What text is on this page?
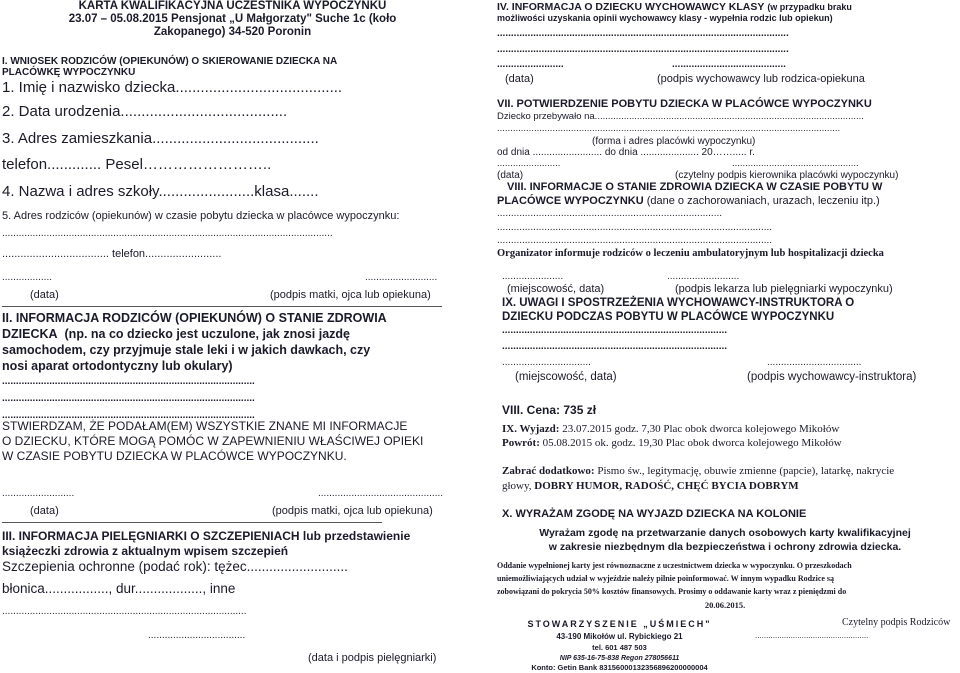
KARTA KWALIFIKACYJNA UCZESTNIKA WYPOCZYNKU
23.07 – 05.08.2015 Pensjonat „U Małgorzaty" Suche 1c (koło
Zakopanego) 34-520 Poronin
I. WNIOSEK RODZICÓW (OPIEKUNÓW) O SKIEROWANIE DZIECKA NA
PLACÓWKĘ WYPOCZYNKU
1. Imię i nazwisko dziecka........................................
2. Data urodzenia........................................
3. Adres zamieszkania........................................
telefon............. Pesel……………………..
4. Nazwa i adres szkoły.......................klasa.......
5. Adres rodziców (opiekunów) w czasie pobytu dziecka w placówce wypoczynku:
.......................................................................................................................
................................... telefon.........................
..................	..........................
(data)	(podpis matki, ojca lub opiekuna)
II. INFORMACJA RODZICÓW (OPIEKUNÓW) O STANIE ZDROWIA
DZIECKA (np. na co dziecko jest uczulone, jak znosi jazdę
samochodem, czy przyjmuje stale leki i w jakich dawkach, czy
nosi aparat ortodontyczny lub okulary)
...........................................................................................
...........................................................................................
...........................................................................................
STWIERDZAM, ŻE PODAŁAM(EM) WSZYSTKIE ZNANE MI INFORMACJE
O DZIECKU, KTÓRE MOGĄ POMÓC W ZAPEWNIENIU WŁAŚCIWEJ OPIEKI
W CZASIE POBYTU DZIECKA W PLACÓWCE WYPOCZYNKU.
..........................	.............................................
(data)	(podpis matki, ojca lub opiekuna)
III. INFORMACJA PIELĘGNIARKI O SZCZEPIENIACH lub przedstawienie
książeczki zdrowia z aktualnym wpisem szczepień
Szczepienia ochronne (podać rok): tężec...........................
błonica................., dur.................., inne
........................................................................................
...................................
(data i podpis pielęgniarki)
IV. INFORMACJA O DZIECKU WYCHOWAWCY KLASY (w przypadku braku
możliwości uzyskania opinii wychowawcy klasy - wypełnia rodzic lub opiekun)
.........................................................................................................
.........................................................................................................
........................	.........................................
(data)	(podpis wychowawcy lub rodzica-opiekuna
VII. POTWIERDZENIE POBYTU DZIECKA W PLACÓWCE WYPOCZYNKU
Dziecko przebywało na......................................................................................................
..................................................................................................................................
(forma i adres placówki wypoczynku)
od dnia ......................... do dnia ..................... 20……..... r.
........................	................................................
(data)	(czytelny podpis kierownika placówki wypoczynku)
VIII. INFORMACJE O STANIE ZDROWIA DZIECKA W CZASIE POBYTU W
PLACÓWCE WYPOCZYNKU (dane o zachorowaniach, urazach, leczeniu itp.)
.................................................................................
...................................................................................................
...................................................................................................
Organizator informuje rodziców o leczeniu ambulatoryjnym lub hospitalizacji dziecka
......................	..........................
(miejscowość, data)	(podpis lekarza lub pielęgniarki wypoczynku)
IX. UWAGI I SPOSTRZEŻENIA WYCHOWAWCY-INSTRUKTORA O
DZIECKU PODCZAS POBYTU W PLACÓWCE WYPOCZYNKU
.................................................................................
.................................................................................
................................	..................................
(miejscowość, data)	(podpis wychowawcy-instruktora)
VIII. Cena: 735 zł
IX. Wyjazd: 23.07.2015 godz. 7,30 Plac obok dworca kolejowego Mikołów
Powrót: 05.08.2015 ok. godz. 19,30 Plac obok dworca kolejowego Mikołów
Zabrać dodatkowo: Pismo św., legitymację, obuwie zmienne (papcie), latarkę, nakrycie
głowy, DOBRY HUMOR, RADOŚĆ, CHĘĆ BYCIA DOBRYM
X. WYRAŻAM ZGODĘ NA WYJAZD DZIECKA NA KOLONIE
Wyrażam zgodę na przetwarzanie danych osobowych karty kwalifikacyjnej
w zakresie niezbędnym dla bezpieczeństwa i ochrony zdrowia dziecka.
Oddanie wypełnionej karty jest równoznaczne z uczestnictwem dziecka w wypoczynku. O przeszkodach
uniemożliwiających udział w wyjeździe należy pilnie poinformować. W innym wypadku Rodzice są
zobowiązani do pokrycia 50% kosztów finansowych. Prosimy o oddawanie karty wraz z pieniędzmi do
20.06.2015.
STOWARZYSZENIE „UŚMIECH"
43-190 Mikołów ul. Rybickiego 21
tel. 601 487 503
NIP 635-16-75-838 Regon 278056611
Konto: Getin Bank 83156000132356896200000004
Czytelny podpis Rodziców
...................................................
